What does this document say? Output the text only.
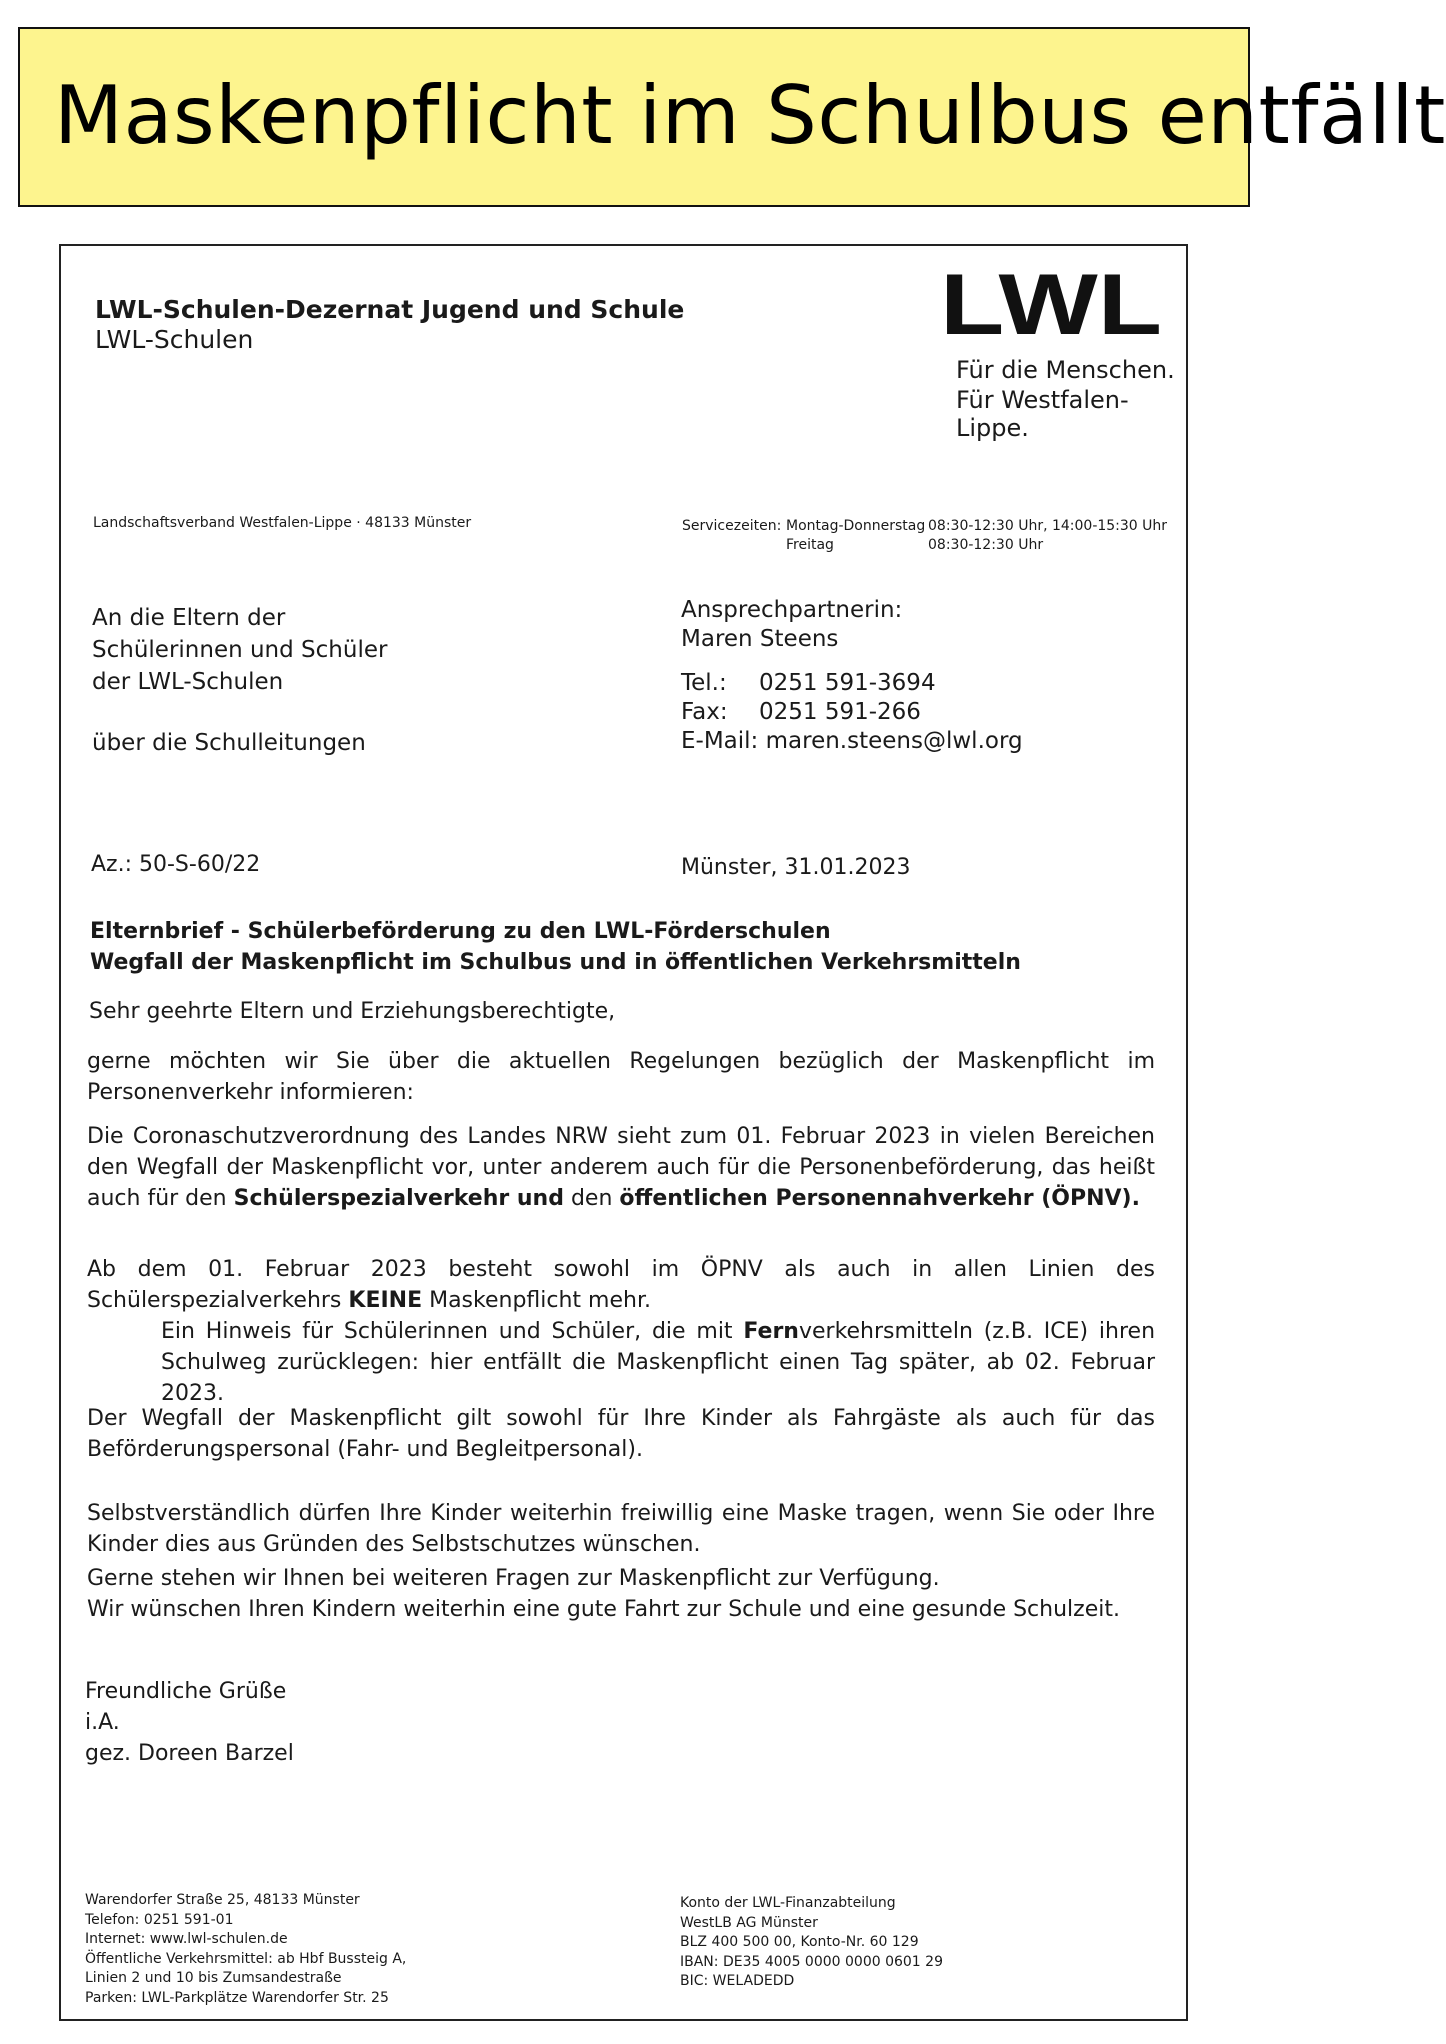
Maskenpflicht im Schulbus entfällt
LWL-Schulen-Dezernat Jugend und Schule
LWL-Schulen	LWL
Für die Menschen.
Für Westfalen-Lippe.
Landschaftsverband Westfalen-Lippe · 48133 Münster	Servicezeiten: Montag-Donnerstag 08:30-12:30 Uhr, 14:00-15:30 Uhr
Freitag	08:30-12:30 Uhr
An die Eltern der
Schülerinnen und Schüler
der LWL-Schulen
über die Schulleitungen
Ansprechpartnerin:
Maren Steens
Tel.: 0251 591-3694
Fax: 0251 591-266
E-Mail: maren.steens@lwl.org
Az.: 50-S-60/22	Münster, 31.01.2023
Elternbrief - Schülerbeförderung zu den LWL-Förderschulen
Wegfall der Maskenpflicht im Schulbus und in öffentlichen Verkehrsmitteln
Sehr geehrte Eltern und Erziehungsberechtigte,
gerne möchten wir Sie über die aktuellen Regelungen bezüglich der Maskenpflicht im Personenverkehr informieren:
Die Coronaschutzverordnung des Landes NRW sieht zum 01. Februar 2023 in vielen Bereichen den Wegfall der Maskenpflicht vor, unter anderem auch für die Personenbeförderung, das heißt auch für den Schülerspezialverkehr und den öffentlichen Personennahverkehr (ÖPNV).
Ab dem 01. Februar 2023 besteht sowohl im ÖPNV als auch in allen Linien des Schülerspezialverkehrs KEINE Maskenpflicht mehr.
Ein Hinweis für Schülerinnen und Schüler, die mit Fernverkehrsmitteln (z.B. ICE) ihren Schulweg zurücklegen: hier entfällt die Maskenpflicht einen Tag später, ab 02. Februar 2023.
Der Wegfall der Maskenpflicht gilt sowohl für Ihre Kinder als Fahrgäste als auch für das Beförderungspersonal (Fahr- und Begleitpersonal).
Selbstverständlich dürfen Ihre Kinder weiterhin freiwillig eine Maske tragen, wenn Sie oder Ihre Kinder dies aus Gründen des Selbstschutzes wünschen.
Gerne stehen wir Ihnen bei weiteren Fragen zur Maskenpflicht zur Verfügung.
Wir wünschen Ihren Kindern weiterhin eine gute Fahrt zur Schule und eine gesunde Schulzeit.
Freundliche Grüße
i.A.
gez. Doreen Barzel
Warendorfer Straße 25, 48133 Münster
Telefon: 0251 591-01
Internet: www.lwl-schulen.de
Öffentliche Verkehrsmittel: ab Hbf Bussteig A,
Linien 2 und 10 bis Zumsandestraße
Parken: LWL-Parkplätze Warendorfer Str. 25
Konto der LWL-Finanzabteilung
WestLB AG Münster
BLZ 400 500 00, Konto-Nr. 60 129
IBAN: DE35 4005 0000 0000 0601 29
BIC: WELADEDD
